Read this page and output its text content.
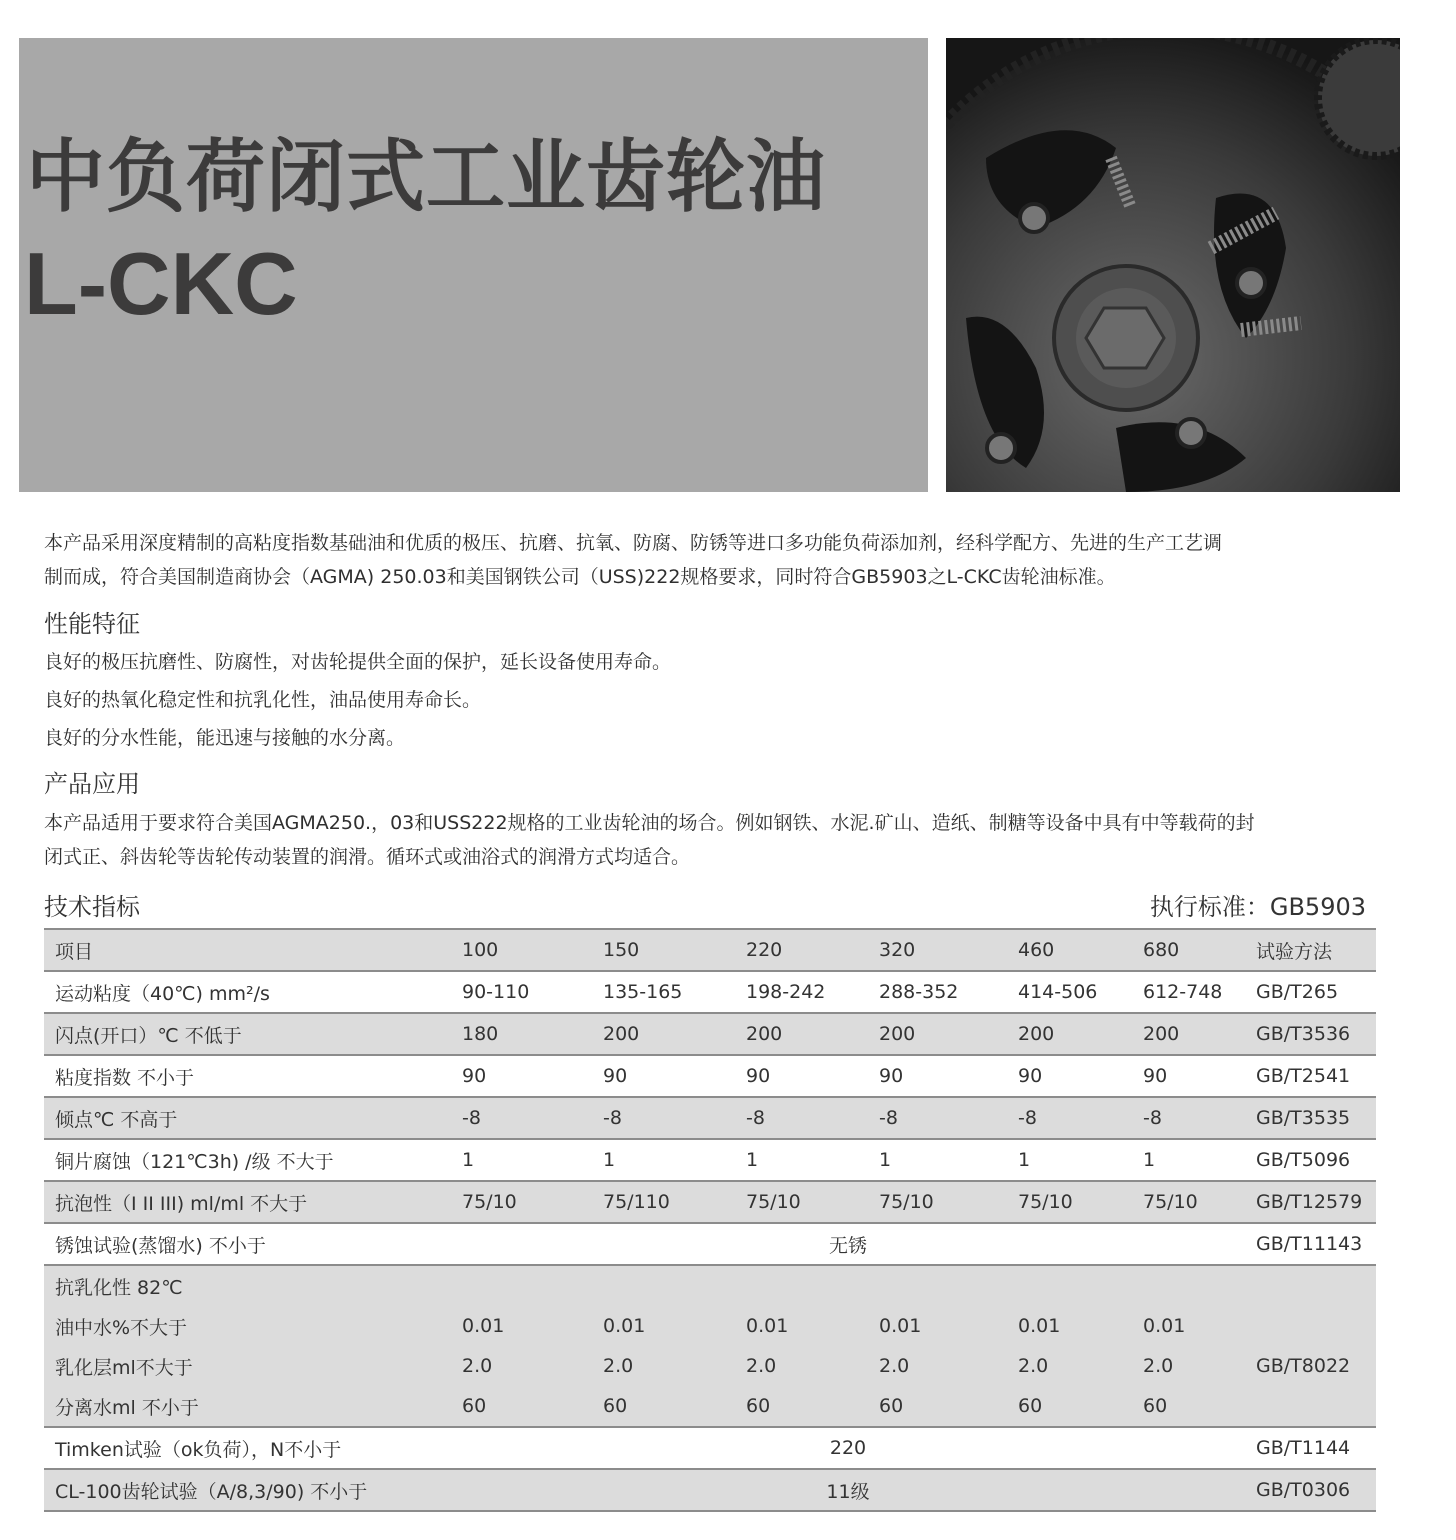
中负荷闭式工业齿轮油
L-CKC
本产品采用深度精制的高粘度指数基础油和优质的极压、抗磨、抗氧、防腐、防锈等进口多功能负荷添加剂，经科学配方、先进的生产工艺调
制而成，符合美国制造商协会（AGMA) 250.03和美国钢铁公司（USS)222规格要求，同时符合GB5903之L-CKC齿轮油标准。
性能特征
良好的极压抗磨性、防腐性，对齿轮提供全面的保护，延长设备使用寿命。
良好的热氧化稳定性和抗乳化性，油品使用寿命长。
良好的分水性能，能迅速与接触的水分离。
产品应用
本产品适用于要求符合美国AGMA250.，03和USS222规格的工业齿轮油的场合。例如钢铁、水泥.矿山、造纸、制糖等设备中具有中等载荷的封
闭式正、斜齿轮等齿轮传动装置的润滑。循环式或油浴式的润滑方式均适合。
技术指标	执行标准：GB5903
项目	100	150	220	320	460	680	试验方法
运动粘度（40℃) mm²/s	90-110	135-165	198-242	288-352	414-506	612-748	GB/T265
闪点(开口）℃ 不低于	180	200	200	200	200	200	GB/T3536
粘度指数 不小于	90	90	90	90	90	90	GB/T2541
倾点℃ 不高于	-8	-8	-8	-8	-8	-8	GB/T3535
铜片腐蚀（121℃3h) /级 不大于	1	1	1	1	1	1	GB/T5096
抗泡性（I II III) ml/ml 不大于	75/10	75/110	75/10	75/10	75/10	75/10	GB/T12579
锈蚀试验(蒸馏水) 不小于	无锈						GB/T11143
抗乳化性 82℃							
油中水%不大于	0.01	0.01	0.01	0.01	0.01	0.01	
乳化层ml不大于	2.0	2.0	2.0	2.0	2.0	2.0	GB/T8022
分离水ml 不小于	60	60	60	60	60	60	
Timken试验（ok负荷），N不小于	220						GB/T1144
CL-100齿轮试验（A/8,3/90) 不小于	11级						GB/T0306
